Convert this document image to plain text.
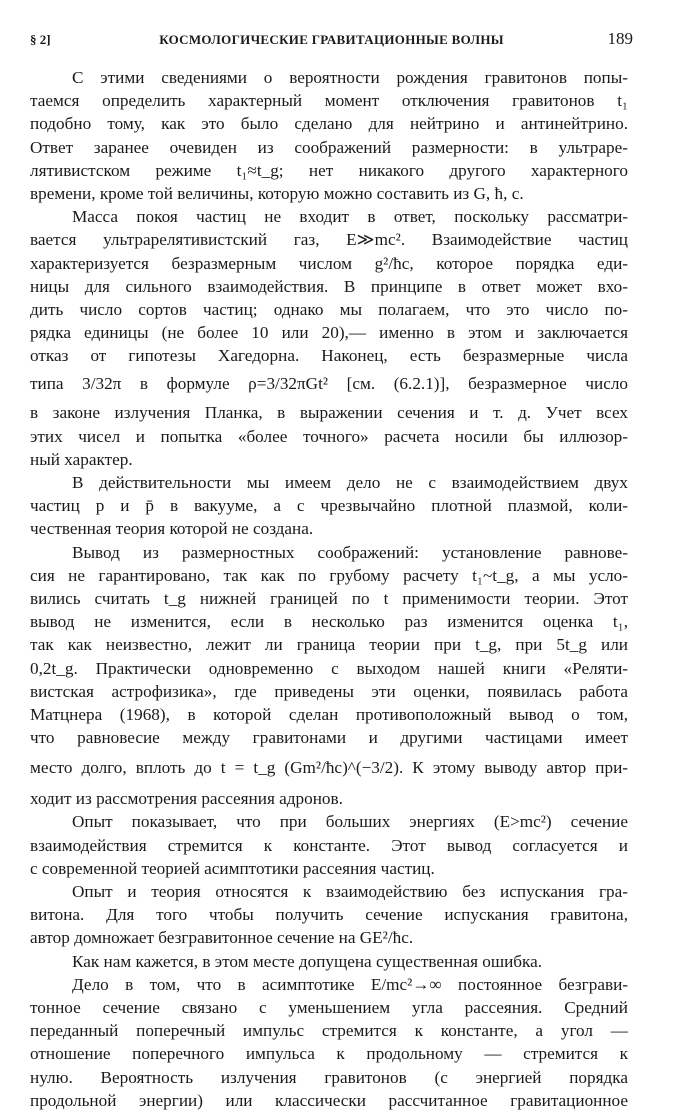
§ 2]	КОСМОЛОГИЧЕСКИЕ ГРАВИТАЦИОННЫЕ ВОЛНЫ	189
С этими сведениями о вероятности рождения гравитонов попы-
таемся определить характерный момент отключения гравитонов t₁
подобно тому, как это было сделано для нейтрино и антинейтрино.
Ответ заранее очевиден из соображений размерности: в ультраре-
лятивистском режиме t₁≈t_g; нет никакого другого характерного
времени, кроме той величины, которую можно составить из G, ħ, c.
Масса покоя частиц не входит в ответ, поскольку рассматри-
вается ультрарелятивистский газ, E≫mc². Взаимодействие частиц
характеризуется безразмерным числом g²/ħc, которое порядка еди-
ницы для сильного взаимодействия. В принципе в ответ может вхо-
дить число сортов частиц; однако мы полагаем, что это число по-
рядка единицы (не более 10 или 20),— именно в этом и заключается
отказ от гипотезы Хагедорна. Наконец, есть безразмерные числа
типа 3/32π в формуле ρ=3/32πGt² [см. (6.2.1)], безразмерное число
в законе излучения Планка, в выражении сечения и т. д. Учет всех
этих чисел и попытка «более точного» расчета носили бы иллюзор-
ный характер.
В действительности мы имеем дело не с взаимодействием двух
частиц p и p̄ в вакууме, а с чрезвычайно плотной плазмой, коли-
чественная теория которой не создана.
Вывод из размерностных соображений: установление равнове-
сия не гарантировано, так как по грубому расчету t₁~t_g, а мы усло-
вились считать t_g нижней границей по t применимости теории. Этот
вывод не изменится, если в несколько раз изменится оценка t₁,
так как неизвестно, лежит ли граница теории при t_g, при 5t_g или
0,2t_g. Практически одновременно с выходом нашей книги «Реляти-
вистская астрофизика», где приведены эти оценки, появилась работа
Матцнера (1968), в которой сделан противоположный вывод о том,
что равновесие между гравитонами и другими частицами имеет
место долго, вплоть до t = t_g (Gm²/ħc)^(−3/2). К этому выводу автор при-
ходит из рассмотрения рассеяния адронов.
Опыт показывает, что при больших энергиях (E>mc²) сечение
взаимодействия стремится к константе. Этот вывод согласуется и
с современной теорией асимптотики рассеяния частиц.
Опыт и теория относятся к взаимодействию без испускания гра-
витона. Для того чтобы получить сечение испускания гравитона,
автор домножает безгравитонное сечение на GE²/ħc.
Как нам кажется, в этом месте допущена существенная ошибка.
Дело в том, что в асимптотике E/mc²→∞ постоянное безграви-
тонное сечение связано с уменьшением угла рассеяния. Средний
переданный поперечный импульс стремится к константе, а угол —
отношение поперечного импульса к продольному — стремится к
нулю. Вероятность излучения гравитонов (с энергией порядка
продольной энергии) или классически рассчитанное гравитационное
